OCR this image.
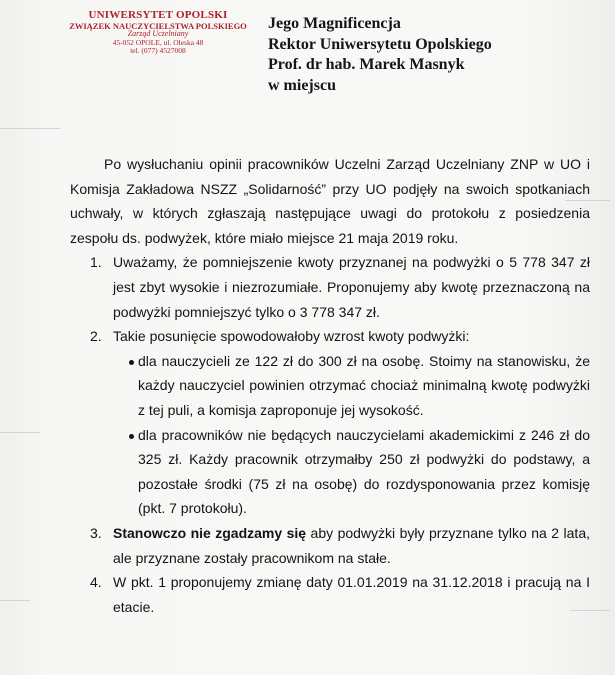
UNIWERSYTET OPOLSKI
ZWIĄZEK NAUCZYCIELSTWA POLSKIEGO
Zarząd Uczelniany
45-052 OPOLE, ul. Oleska 48
tel. (077) 4527008
Jego Magnificencja
Rektor Uniwersytetu Opolskiego
Prof. dr hab. Marek Masnyk
w miejscu

Po wysłuchaniu opinii pracowników Uczelni Zarząd Uczelniany ZNP w UO i Komisja Zakładowa NSZZ „Solidarność” przy UO podjęły na swoich spotkaniach uchwały, w których zgłaszają następujące uwagi do protokołu z posiedzenia zespołu ds. podwyżek, które miało miejsce 21 maja 2019 roku.

1. Uważamy, że pomniejszenie kwoty przyznanej na podwyżki o 5 778 347 zł jest zbyt wysokie i niezrozumiałe. Proponujemy aby kwotę przeznaczoną na podwyżki pomniejszyć tylko o 3 778 347 zł.
2. Takie posunięcie spowodowałoby wzrost kwoty podwyżki:
dla nauczycieli ze 122 zł do 300 zł na osobę. Stoimy na stanowisku, że każdy nauczyciel powinien otrzymać chociaż minimalną kwotę podwyżki z tej puli, a komisja zaproponuje jej wysokość.
dla pracowników nie będących nauczycielami akademickimi z 246 zł do 325 zł. Każdy pracownik otrzymałby 250 zł podwyżki do podstawy, a pozostałe środki (75 zł na osobę) do rozdysponowania przez komisję (pkt. 7 protokołu).
3. Stanowczo nie zgadzamy się aby podwyżki były przyznane tylko na 2 lata, ale przyznane zostały pracownikom na stałe.
4. W pkt. 1 proponujemy zmianę daty 01.01.2019 na 31.12.2018 i pracują na I etacie.
